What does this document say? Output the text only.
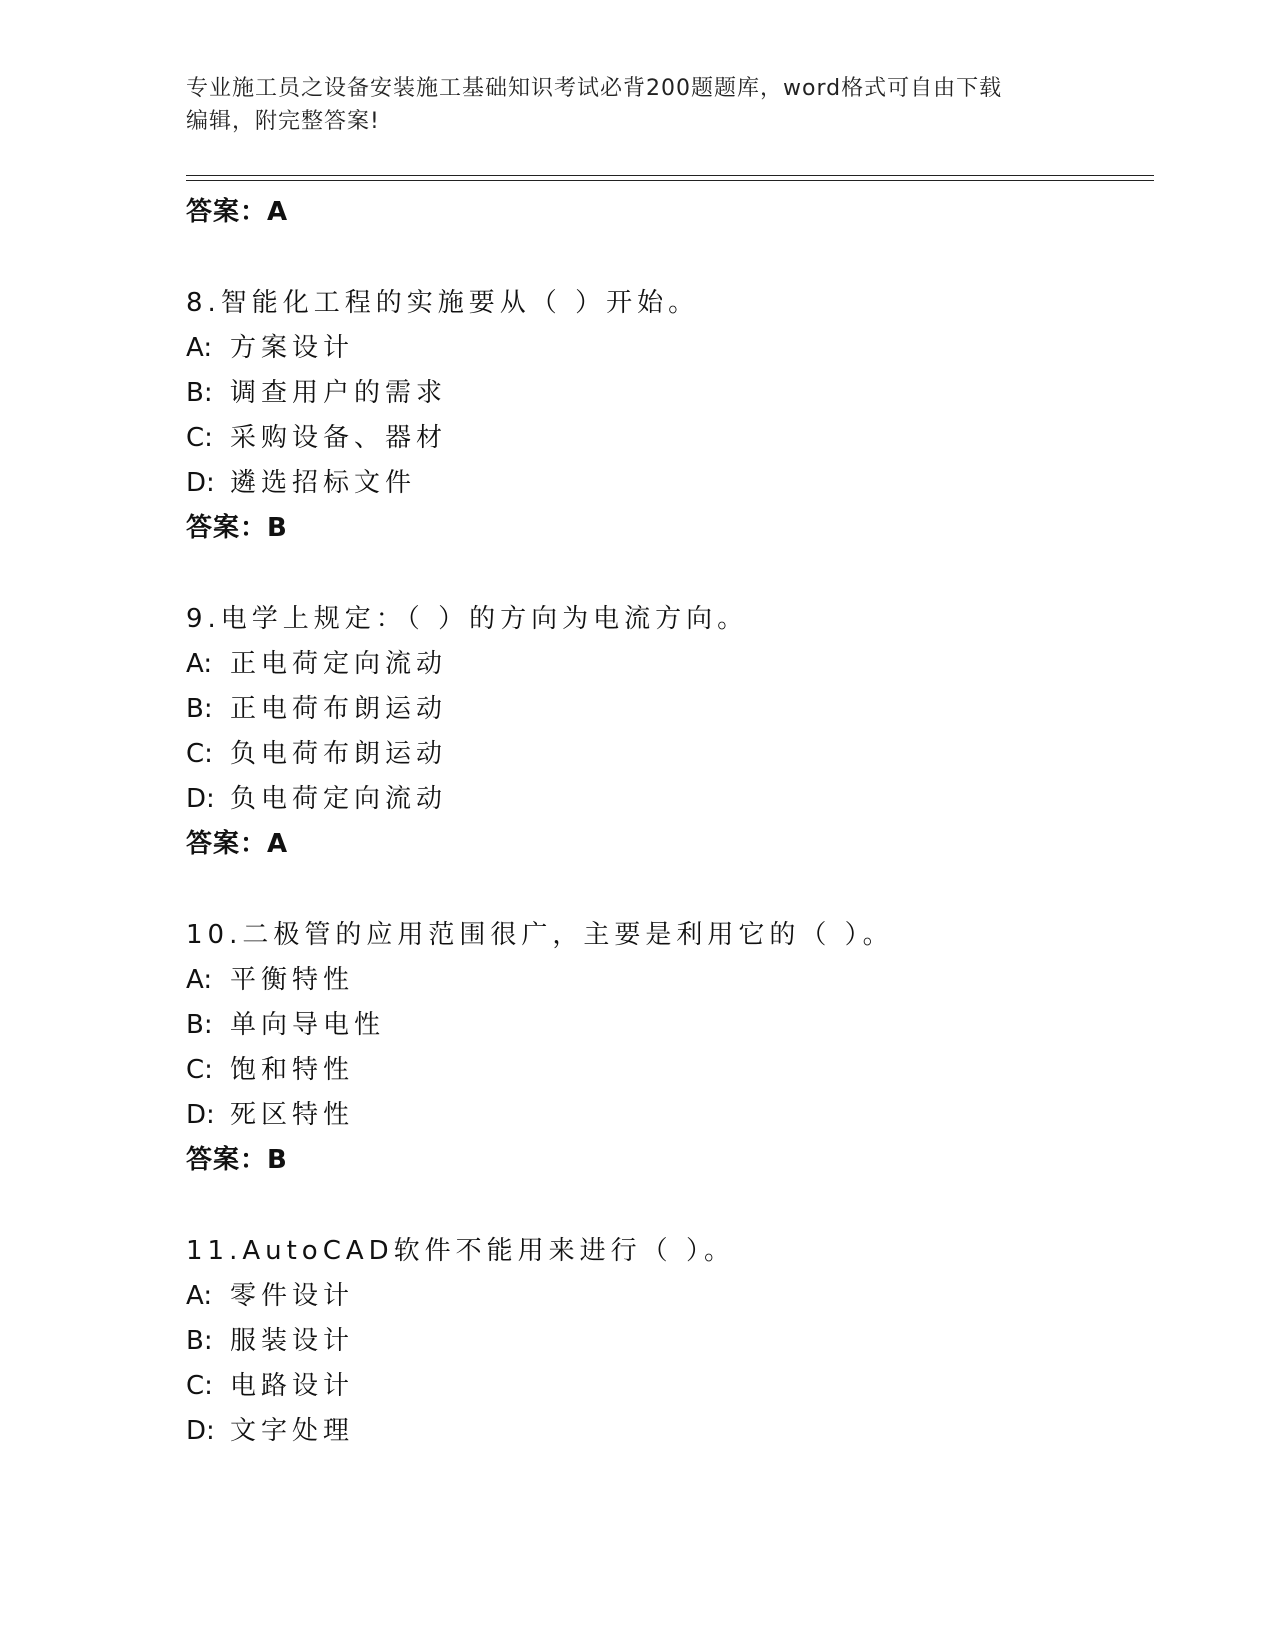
专业施工员之设备安装施工基础知识考试必背200题题库，word格式可自由下载
编辑，附完整答案!
答案：A
8.智能化工程的实施要从（ ）开始。
A: 方案设计
B: 调查用户的需求
C: 采购设备、器材
D: 遴选招标文件
答案：B
9.电学上规定：（ ）的方向为电流方向。
A: 正电荷定向流动
B: 正电荷布朗运动
C: 负电荷布朗运动
D: 负电荷定向流动
答案：A
10.二极管的应用范围很广，主要是利用它的（ ）。
A: 平衡特性
B: 单向导电性
C: 饱和特性
D: 死区特性
答案：B
11.AutoCAD软件不能用来进行（ ）。
A: 零件设计
B: 服装设计
C: 电路设计
D: 文字处理
